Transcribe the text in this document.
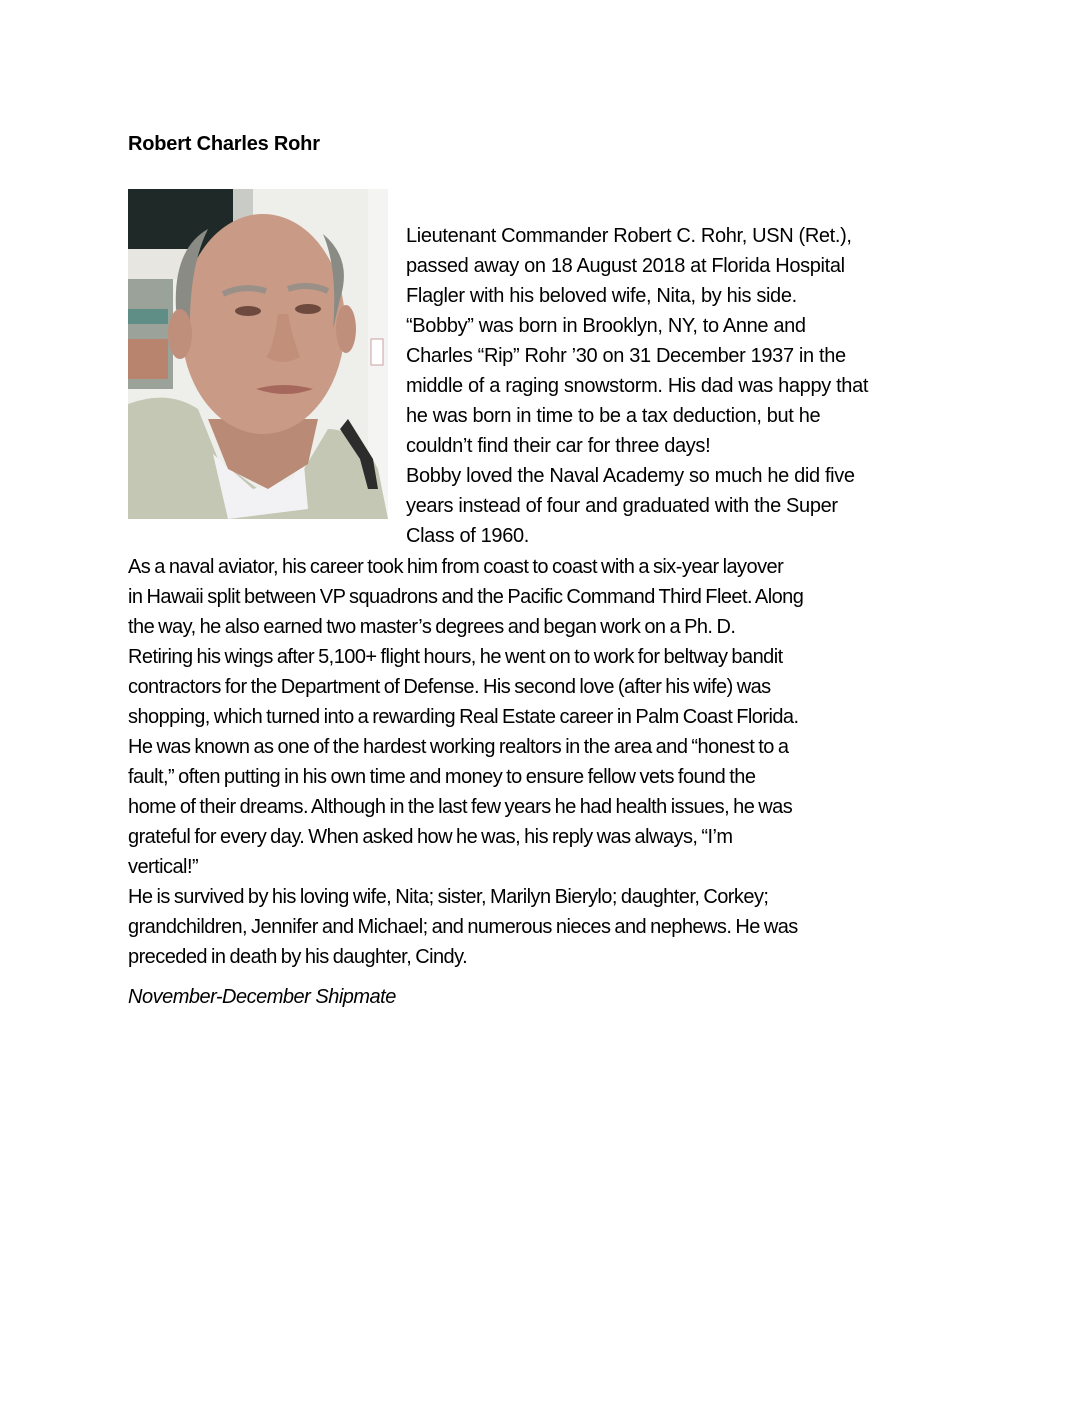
Robert Charles Rohr
Lieutenant Commander Robert C. Rohr, USN (Ret.),
passed away on 18 August 2018 at Florida Hospital
Flagler with his beloved wife, Nita, by his side.
“Bobby” was born in Brooklyn, NY, to Anne and
Charles “Rip” Rohr ’30 on 31 December 1937 in the
middle of a raging snowstorm. His dad was happy that
he was born in time to be a tax deduction, but he
couldn’t find their car for three days!
Bobby loved the Naval Academy so much he did five
years instead of four and graduated with the Super
Class of 1960.
As a naval aviator, his career took him from coast to coast with a six-year layover
in Hawaii split between VP squadrons and the Pacific Command Third Fleet. Along
the way, he also earned two master’s degrees and began work on a Ph. D.
Retiring his wings after 5,100+ flight hours, he went on to work for beltway bandit
contractors for the Department of Defense. His second love (after his wife) was
shopping, which turned into a rewarding Real Estate career in Palm Coast Florida.
He was known as one of the hardest working realtors in the area and “honest to a
fault,” often putting in his own time and money to ensure fellow vets found the
home of their dreams. Although in the last few years he had health issues, he was
grateful for every day. When asked how he was, his reply was always, “I’m
vertical!”
He is survived by his loving wife, Nita; sister, Marilyn Bierylo; daughter, Corkey;
grandchildren, Jennifer and Michael; and numerous nieces and nephews. He was
preceded in death by his daughter, Cindy.
November-December Shipmate
